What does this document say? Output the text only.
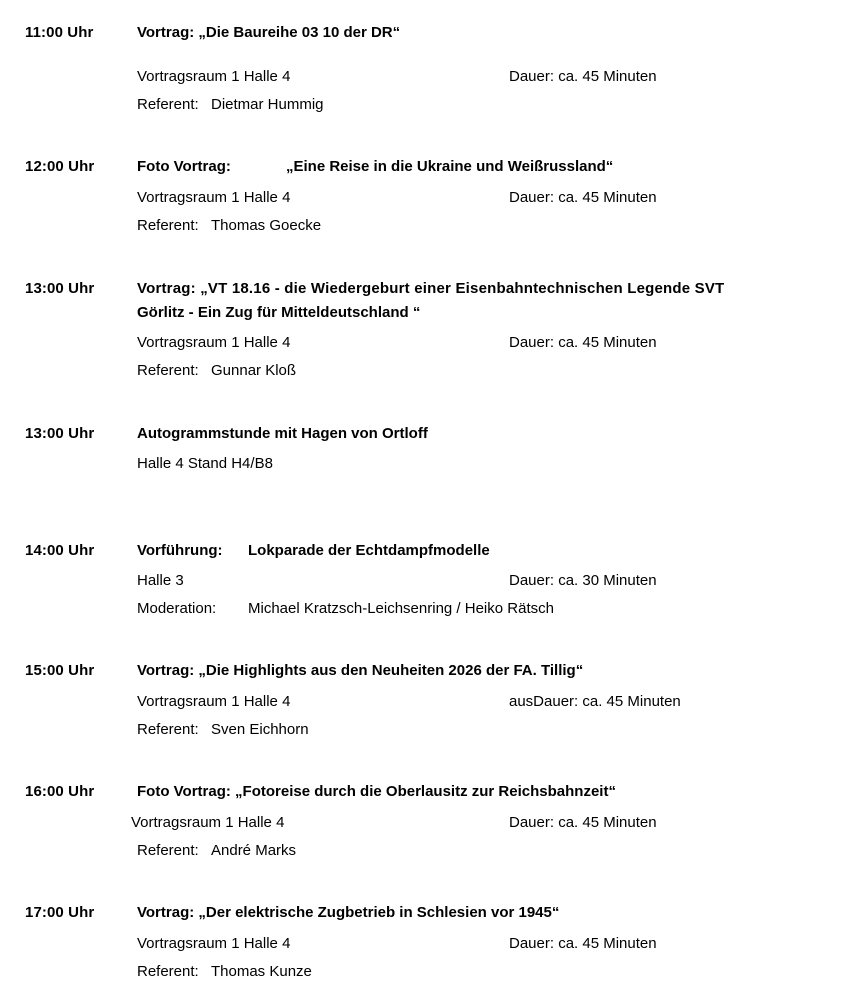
11:00 Uhr	Vortrag: „Die Baureihe 03 10 der DR“
Vortragsraum 1 Halle 4	Dauer: ca. 45 Minuten
Referent: Dietmar Hummig
12:00 Uhr	Foto Vortrag:	„Eine Reise in die Ukraine und Weißrussland“
Vortragsraum 1 Halle 4	Dauer: ca. 45 Minuten
Referent: Thomas Goecke
13:00 Uhr	Vortrag: „VT 18.16 - die Wiedergeburt einer Eisenbahntechnischen Legende SVT
Görlitz - Ein Zug für Mitteldeutschland “
Vortragsraum 1 Halle 4	Dauer: ca. 45 Minuten
Referent: Gunnar Kloß
13:00 Uhr	Autogrammstunde mit Hagen von Ortloff
Halle 4 Stand H4/B8
14:00 Uhr	Vorführung: Lokparade der Echtdampfmodelle
Halle 3	Dauer: ca. 30 Minuten
Moderation: Michael Kratzsch-Leichsenring / Heiko Rätsch
15:00 Uhr	Vortrag: „Die Highlights aus den Neuheiten 2026 der FA. Tillig“
Vortragsraum 1 Halle 4	ausDauer: ca. 45 Minuten
Referent: Sven Eichhorn
16:00 Uhr	Foto Vortrag: „Fotoreise durch die Oberlausitz zur Reichsbahnzeit“
Vortragsraum 1 Halle 4	Dauer: ca. 45 Minuten
Referent: André Marks
17:00 Uhr	Vortrag: „Der elektrische Zugbetrieb in Schlesien vor 1945“
Vortragsraum 1 Halle 4	Dauer: ca. 45 Minuten
Referent: Thomas Kunze
